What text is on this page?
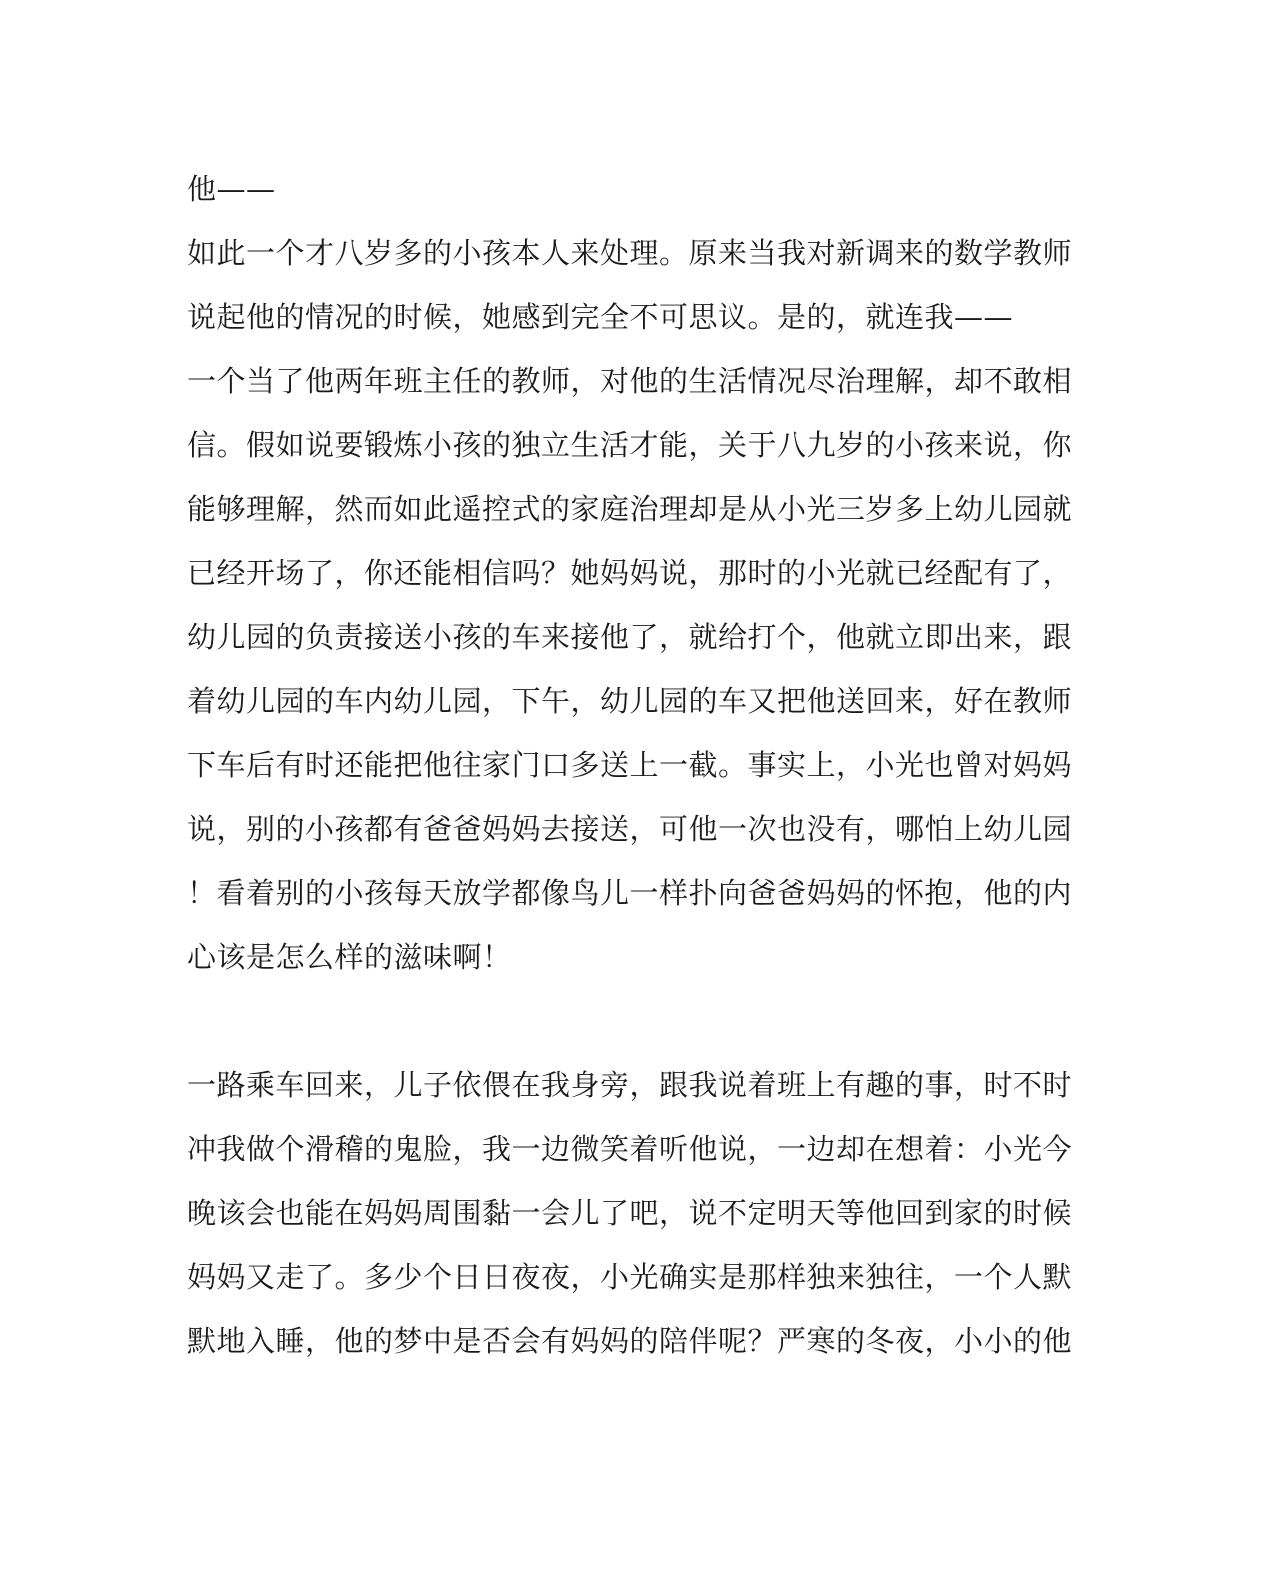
他——

如此一个才八岁多的小孩本人来处理。原来当我对新调来的数学教师

说起他的情况的时候，她感到完全不可思议。是的，就连我——

一个当了他两年班主任的教师，对他的生活情况尽治理解，却不敢相

信。假如说要锻炼小孩的独立生活才能，关于八九岁的小孩来说，你

能够理解，然而如此遥控式的家庭治理却是从小光三岁多上幼儿园就

已经开场了，你还能相信吗？她妈妈说，那时的小光就已经配有了，

幼儿园的负责接送小孩的车来接他了，就给打个，他就立即出来，跟

着幼儿园的车内幼儿园，下午，幼儿园的车又把他送回来，好在教师

下车后有时还能把他往家门口多送上一截。事实上，小光也曾对妈妈

说，别的小孩都有爸爸妈妈去接送，可他一次也没有，哪怕上幼儿园

！看着别的小孩每天放学都像鸟儿一样扑向爸爸妈妈的怀抱，他的内

心该是怎么样的滋味啊！

一路乘车回来，儿子依偎在我身旁，跟我说着班上有趣的事，时不时

冲我做个滑稽的鬼脸，我一边微笑着听他说，一边却在想着：小光今

晚该会也能在妈妈周围黏一会儿了吧，说不定明天等他回到家的时候

妈妈又走了。多少个日日夜夜，小光确实是那样独来独往，一个人默

默地入睡，他的梦中是否会有妈妈的陪伴呢？严寒的冬夜，小小的他
